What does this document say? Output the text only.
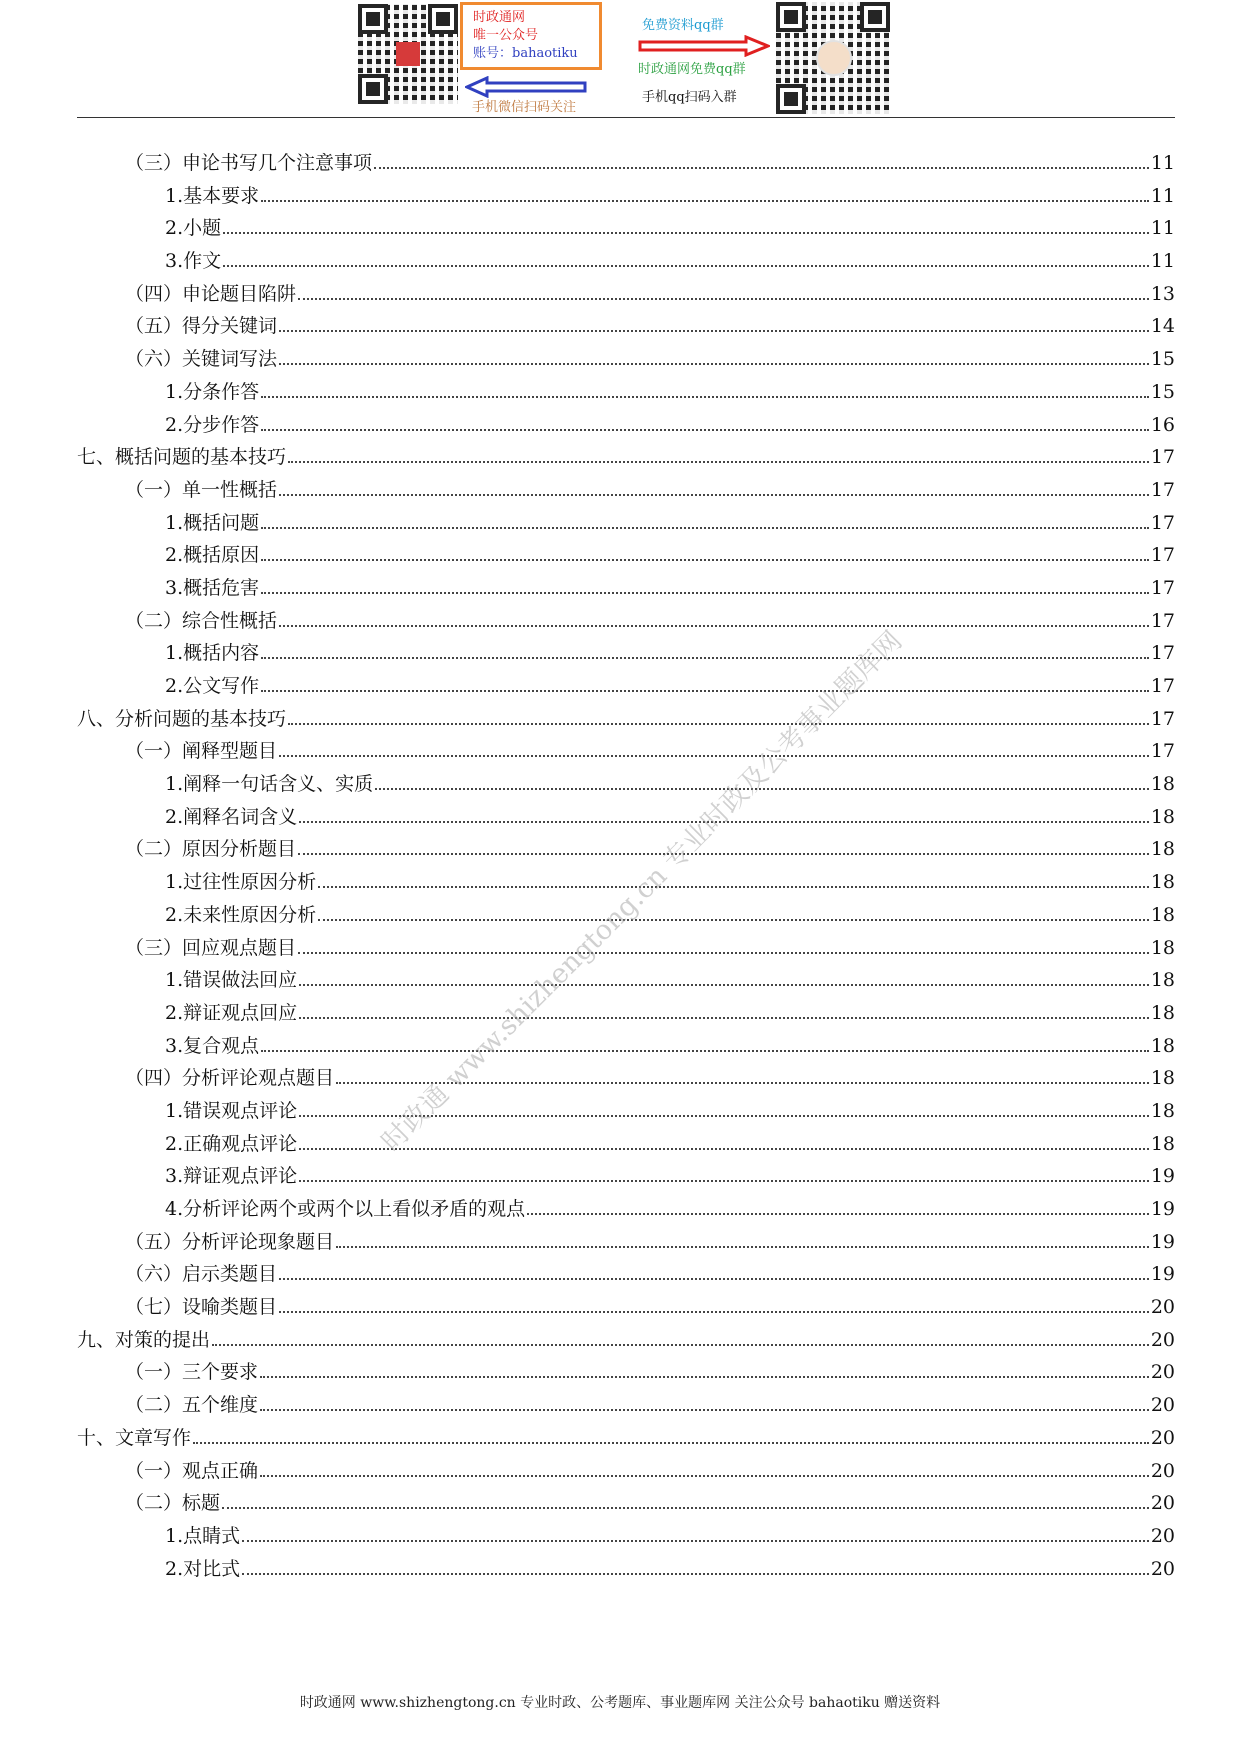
时政通网
唯一公众号
账号：bahaotiku
手机微信扫码关注
免费资料qq群
时政通网免费qq群
手机qq扫码入群
（三）申论书写几个注意事项	11
1.基本要求	11
2.小题	11
3.作文	11
（四）申论题目陷阱	13
（五）得分关键词	14
（六）关键词写法	15
1.分条作答	15
2.分步作答	16
七、概括问题的基本技巧	17
（一）单一性概括	17
1.概括问题	17
2.概括原因	17
3.概括危害	17
（二）综合性概括	17
1.概括内容	17
2.公文写作	17
八、分析问题的基本技巧	17
（一）阐释型题目	17
1.阐释一句话含义、实质	18
2.阐释名词含义	18
（二）原因分析题目	18
1.过往性原因分析	18
2.未来性原因分析	18
（三）回应观点题目	18
1.错误做法回应	18
2.辩证观点回应	18
3.复合观点	18
（四）分析评论观点题目	18
1.错误观点评论	18
2.正确观点评论	18
3.辩证观点评论	19
4.分析评论两个或两个以上看似矛盾的观点	19
（五）分析评论现象题目	19
（六）启示类题目	19
（七）设喻类题目	20
九、对策的提出	20
（一）三个要求	20
（二）五个维度	20
十、文章写作	20
（一）观点正确	20
（二）标题	20
1.点睛式	20
2.对比式	20
时政通 www.shizhengtong.cn 专业时政及公考事业题库网
时政通网 www.shizhengtong.cn 专业时政、公考题库、事业题库网 关注公众号 bahaotiku 赠送资料
